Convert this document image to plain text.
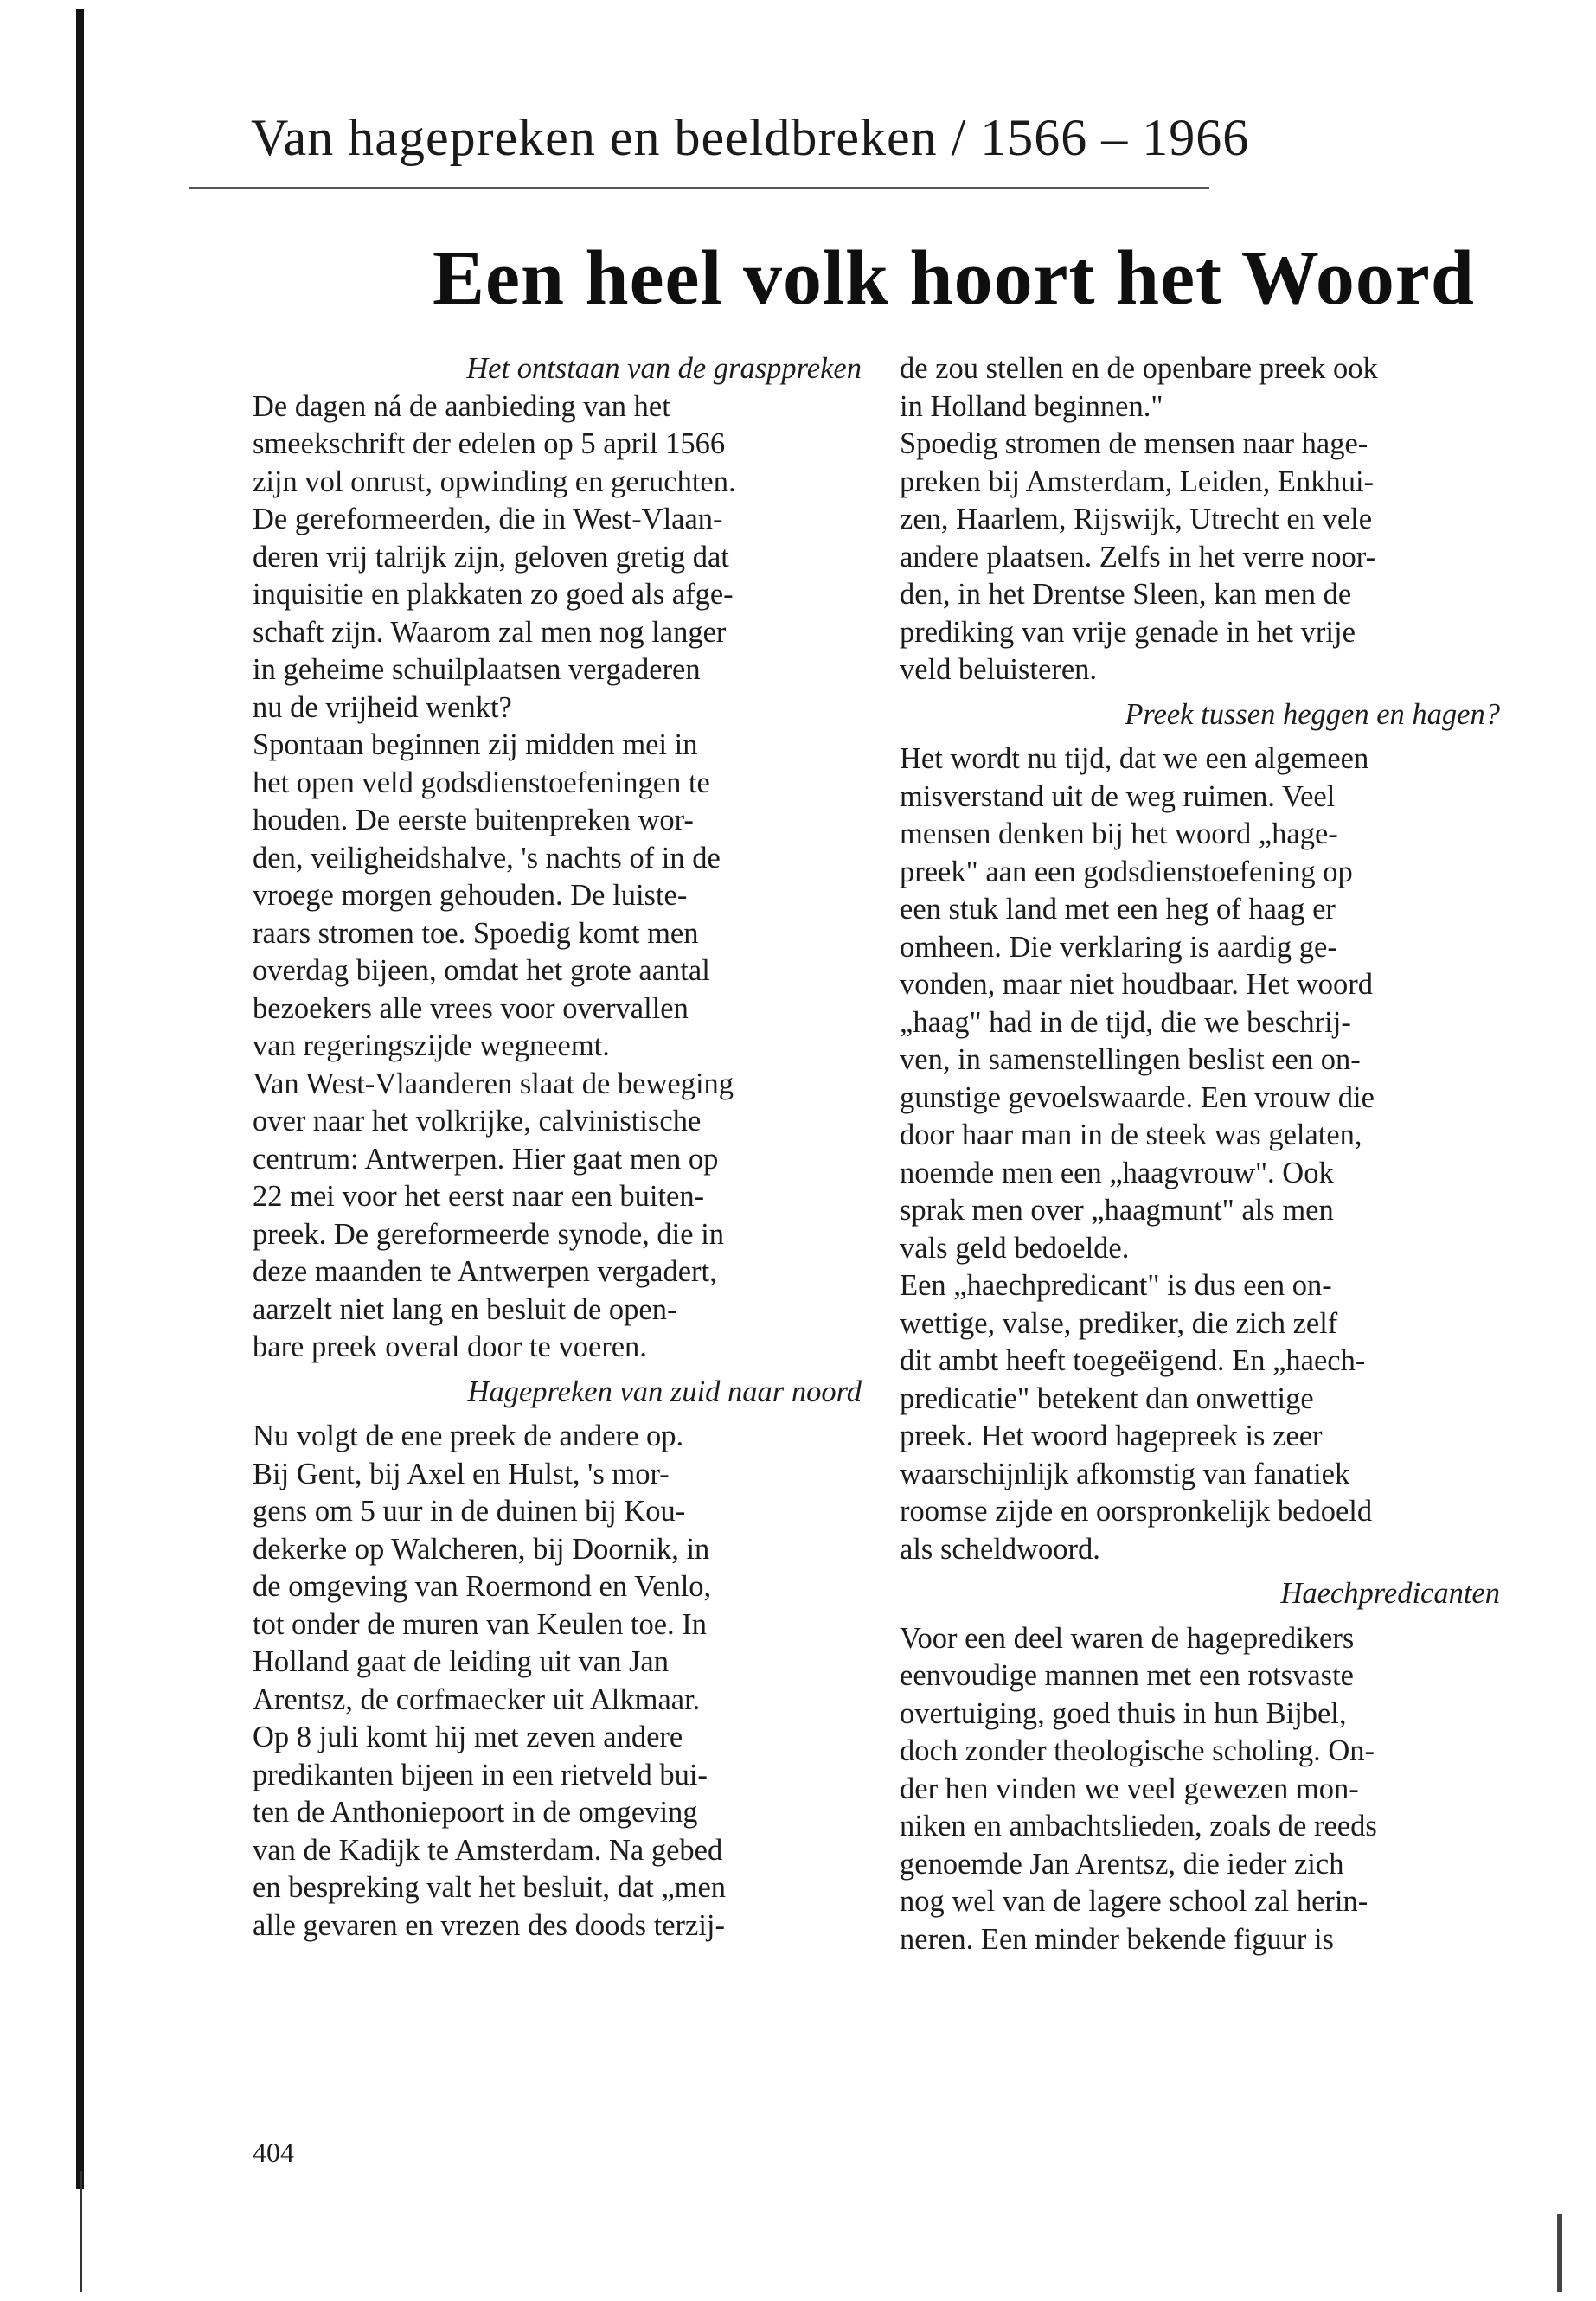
Van hagepreken en beeldbreken / 1566 – 1966
Een heel volk hoort het Woord
Het ontstaan van de grasppreken
De dagen ná de aanbieding van het
smeekschrift der edelen op 5 april 1566
zijn vol onrust, opwinding en geruchten.
De gereformeerden, die in West-Vlaan-
deren vrij talrijk zijn, geloven gretig dat
inquisitie en plakkaten zo goed als afge-
schaft zijn. Waarom zal men nog langer
in geheime schuilplaatsen vergaderen
nu de vrijheid wenkt?
Spontaan beginnen zij midden mei in
het open veld godsdienstoefeningen te
houden. De eerste buitenpreken wor-
den, veiligheidshalve, 's nachts of in de
vroege morgen gehouden. De luiste-
raars stromen toe. Spoedig komt men
overdag bijeen, omdat het grote aantal
bezoekers alle vrees voor overvallen
van regeringszijde wegneemt.
Van West-Vlaanderen slaat de beweging
over naar het volkrijke, calvinistische
centrum: Antwerpen. Hier gaat men op
22 mei voor het eerst naar een buiten-
preek. De gereformeerde synode, die in
deze maanden te Antwerpen vergadert,
aarzelt niet lang en besluit de open-
bare preek overal door te voeren.
Hagepreken van zuid naar noord
Nu volgt de ene preek de andere op.
Bij Gent, bij Axel en Hulst, 's mor-
gens om 5 uur in de duinen bij Kou-
dekerke op Walcheren, bij Doornik, in
de omgeving van Roermond en Venlo,
tot onder de muren van Keulen toe. In
Holland gaat de leiding uit van Jan
Arentsz, de corfmaecker uit Alkmaar.
Op 8 juli komt hij met zeven andere
predikanten bijeen in een rietveld bui-
ten de Anthoniepoort in de omgeving
van de Kadijk te Amsterdam. Na gebed
en bespreking valt het besluit, dat „men
alle gevaren en vrezen des doods terzij-
de zou stellen en de openbare preek ook
in Holland beginnen."
Spoedig stromen de mensen naar hage-
preken bij Amsterdam, Leiden, Enkhui-
zen, Haarlem, Rijswijk, Utrecht en vele
andere plaatsen. Zelfs in het verre noor-
den, in het Drentse Sleen, kan men de
prediking van vrije genade in het vrije
veld beluisteren.
Preek tussen heggen en hagen?
Het wordt nu tijd, dat we een algemeen
misverstand uit de weg ruimen. Veel
mensen denken bij het woord „hage-
preek" aan een godsdienstoefening op
een stuk land met een heg of haag er
omheen. Die verklaring is aardig ge-
vonden, maar niet houdbaar. Het woord
„haag" had in de tijd, die we beschrij-
ven, in samenstellingen beslist een on-
gunstige gevoelswaarde. Een vrouw die
door haar man in de steek was gelaten,
noemde men een „haagvrouw". Ook
sprak men over „haagmunt" als men
vals geld bedoelde.
Een „haechpredicant" is dus een on-
wettige, valse, prediker, die zich zelf
dit ambt heeft toegeëigend. En „haech-
predicatie" betekent dan onwettige
preek. Het woord hagepreek is zeer
waarschijnlijk afkomstig van fanatiek
roomse zijde en oorspronkelijk bedoeld
als scheldwoord.
Haechpredicanten
Voor een deel waren de hagepredikers
eenvoudige mannen met een rotsvaste
overtuiging, goed thuis in hun Bijbel,
doch zonder theologische scholing. On-
der hen vinden we veel gewezen mon-
niken en ambachtslieden, zoals de reeds
genoemde Jan Arentsz, die ieder zich
nog wel van de lagere school zal herin-
neren. Een minder bekende figuur is
404
